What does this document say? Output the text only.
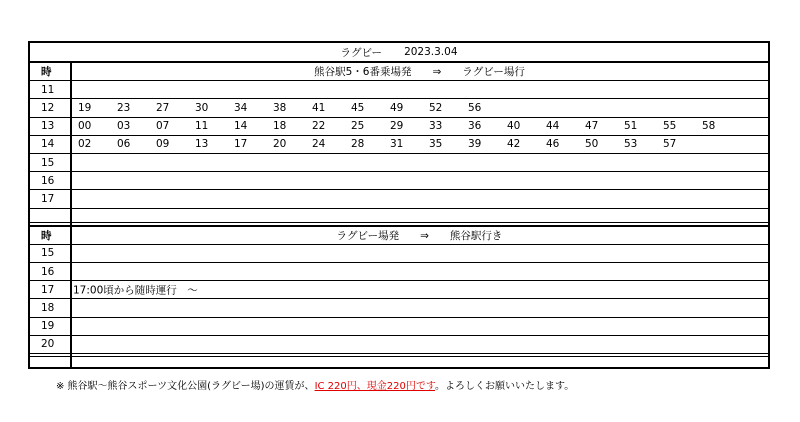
ラグビー 2023.3.04
時	熊谷駅5・6番乗場発　　⇒　　ラグビー場行
11
12	19 23 27 30 34 38 41 45 49 52 56
13	00 03 07 11 14 18 22 25 29 33 36 40 44 47 51 55 58
14	02 06 09 13 17 20 24 28 31 35 39 42 46 50 53 57
15
16
17
時	ラグビー場発　　⇒　　熊谷駅行き
15
16
17	17:00頃から随時運行　～
18
19
20
※ 熊谷駅～熊谷スポーツ文化公園(ラグビー場)の運賃が、IC 220円、現金220円です。よろしくお願いいたします。
